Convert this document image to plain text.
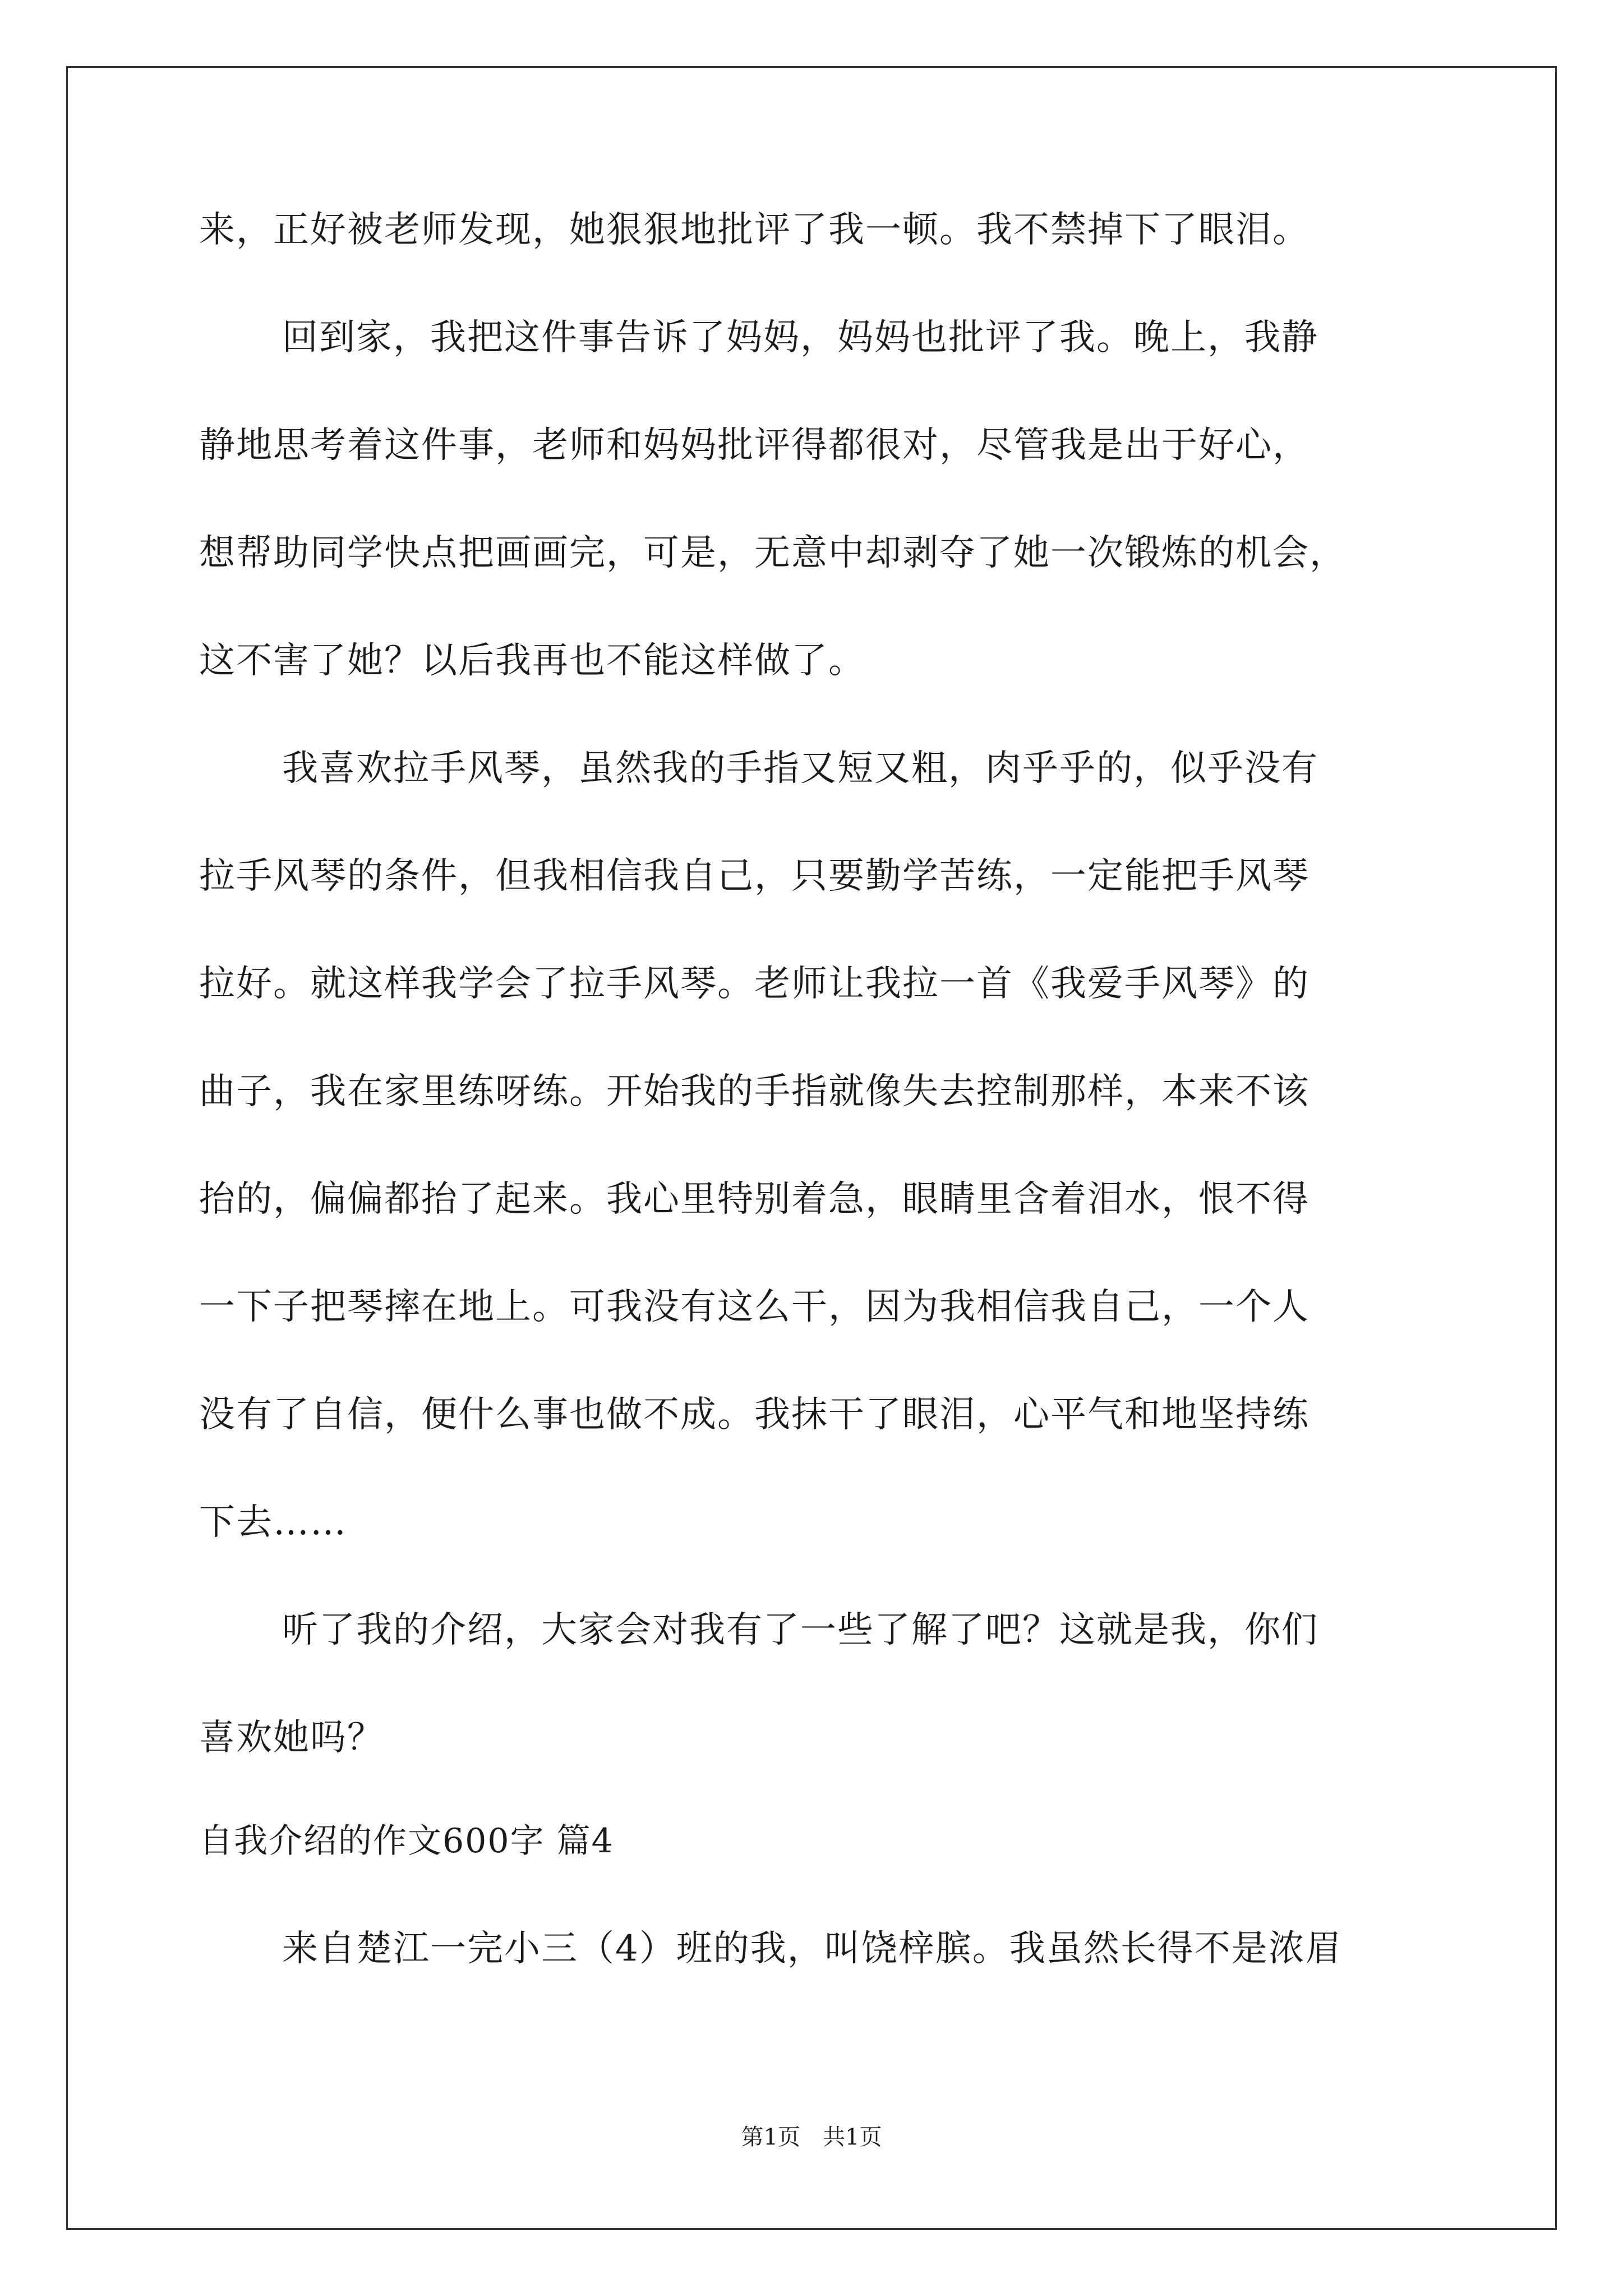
来，正好被老师发现，她狠狠地批评了我一顿。我不禁掉下了眼泪。
回到家，我把这件事告诉了妈妈，妈妈也批评了我。晚上，我静
静地思考着这件事，老师和妈妈批评得都很对，尽管我是出于好心，
想帮助同学快点把画画完，可是，无意中却剥夺了她一次锻炼的机会，
这不害了她？以后我再也不能这样做了。
我喜欢拉手风琴，虽然我的手指又短又粗，肉乎乎的，似乎没有
拉手风琴的条件，但我相信我自己，只要勤学苦练，一定能把手风琴
拉好。就这样我学会了拉手风琴。老师让我拉一首《我爱手风琴》的
曲子，我在家里练呀练。开始我的手指就像失去控制那样，本来不该
抬的，偏偏都抬了起来。我心里特别着急，眼睛里含着泪水，恨不得
一下子把琴摔在地上。可我没有这么干，因为我相信我自己，一个人
没有了自信，便什么事也做不成。我抹干了眼泪，心平气和地坚持练
下去……
听了我的介绍，大家会对我有了一些了解了吧？这就是我，你们
喜欢她吗？
自我介绍的作文600字 篇4
来自楚江一完小三（4）班的我，叫饶梓膑。我虽然长得不是浓眉
第1页　共1页
